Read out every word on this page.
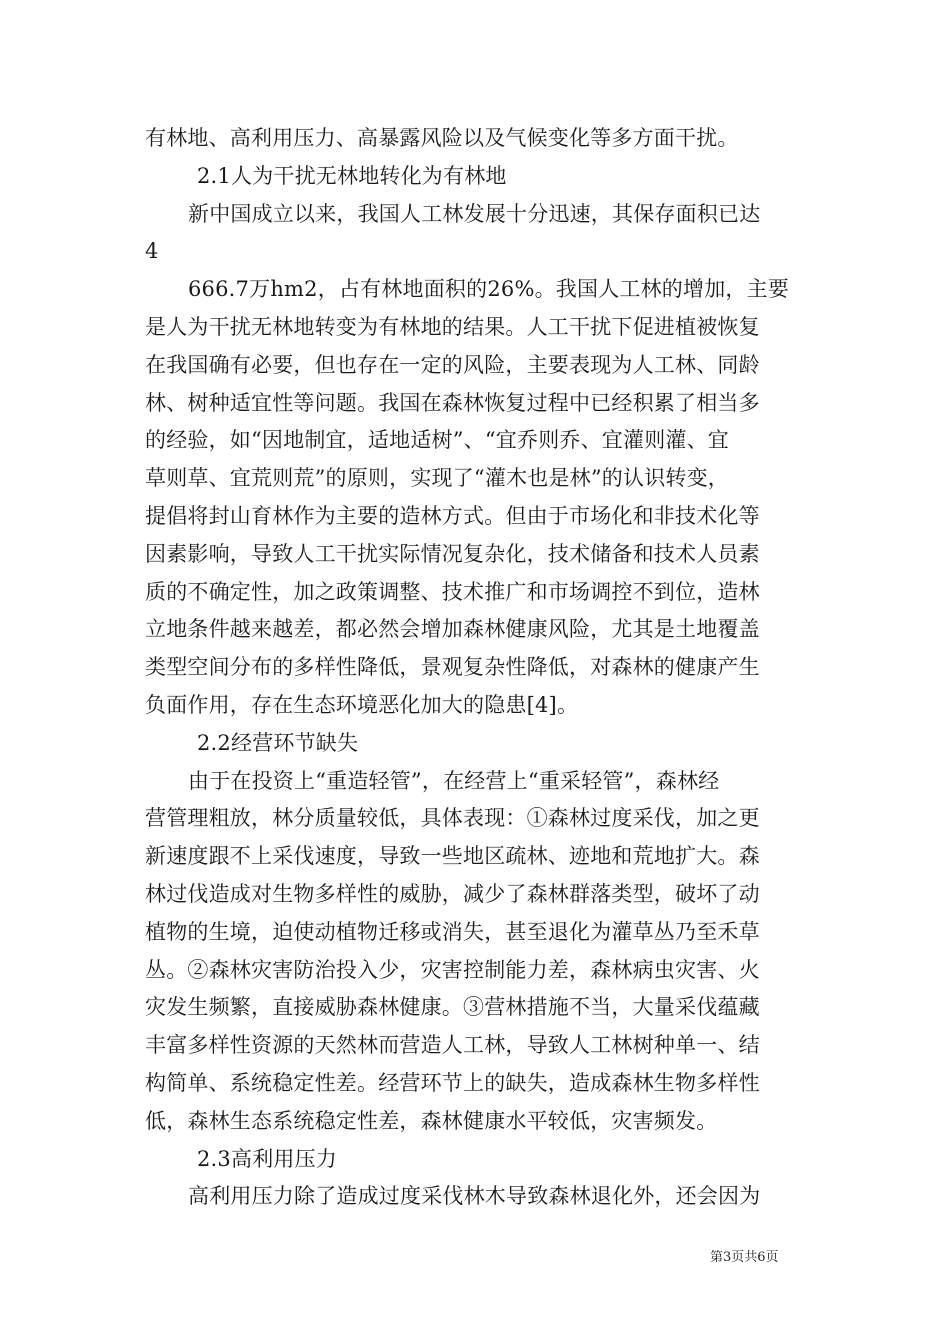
有林地、高利用压力、高暴露风险以及气候变化等多方面干扰。
2.1人为干扰无林地转化为有林地
新中国成立以来，我国人工林发展十分迅速，其保存面积已达
4
666.7万hm2，占有林地面积的26%。我国人工林的增加，主要
是人为干扰无林地转变为有林地的结果。人工干扰下促进植被恢复
在我国确有必要，但也存在一定的风险，主要表现为人工林、同龄
林、树种适宜性等问题。我国在森林恢复过程中已经积累了相当多
的经验，如“因地制宜，适地适树”、“宜乔则乔、宜灌则灌、宜
草则草、宜荒则荒”的原则，实现了“灌木也是林”的认识转变，
提倡将封山育林作为主要的造林方式。但由于市场化和非技术化等
因素影响，导致人工干扰实际情况复杂化，技术储备和技术人员素
质的不确定性，加之政策调整、技术推广和市场调控不到位，造林
立地条件越来越差，都必然会增加森林健康风险，尤其是土地覆盖
类型空间分布的多样性降低，景观复杂性降低，对森林的健康产生
负面作用，存在生态环境恶化加大的隐患[4]。
2.2经营环节缺失
由于在投资上“重造轻管”，在经营上“重采轻管”，森林经
营管理粗放，林分质量较低，具体表现：①森林过度采伐，加之更
新速度跟不上采伐速度，导致一些地区疏林、迹地和荒地扩大。森
林过伐造成对生物多样性的威胁，减少了森林群落类型，破坏了动
植物的生境，迫使动植物迁移或消失，甚至退化为灌草丛乃至禾草
丛。②森林灾害防治投入少，灾害控制能力差，森林病虫灾害、火
灾发生频繁，直接威胁森林健康。③营林措施不当，大量采伐蕴藏
丰富多样性资源的天然林而营造人工林，导致人工林树种单一、结
构简单、系统稳定性差。经营环节上的缺失，造成森林生物多样性
低，森林生态系统稳定性差，森林健康水平较低，灾害频发。
2.3高利用压力
高利用压力除了造成过度采伐林木导致森林退化外，还会因为
第3页共6页
